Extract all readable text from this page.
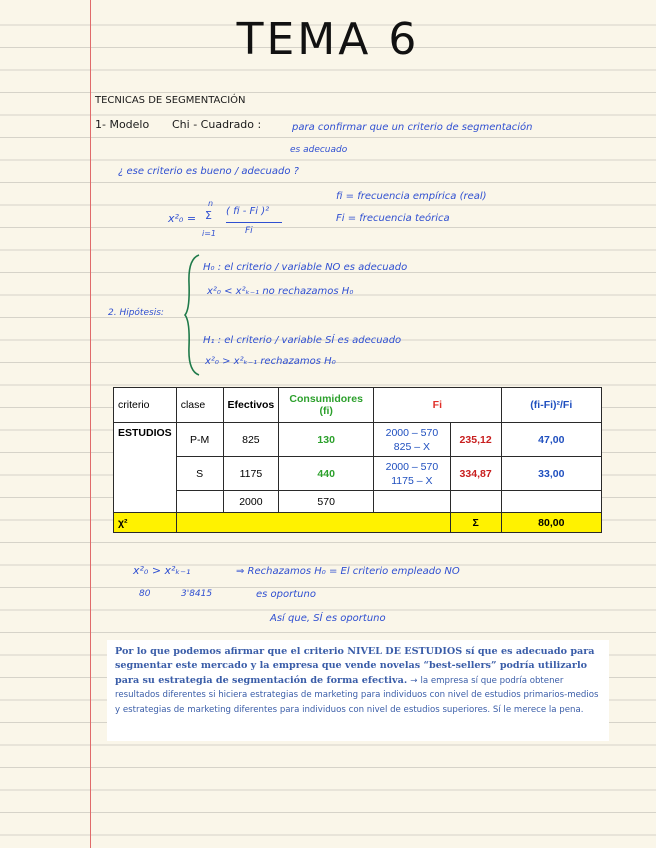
TEMA 6
TECNICAS DE SEGMENTACIÓN
1- Modelo Chi - Cuadrado :	para confirmar que un criterio de segmentación
es adecuado
¿ ese criterio es bueno / adecuado ?
fi = frecuencia empírica (real)
Fi = frecuencia teórica
x²₀ =
n
Σ
i=1
( fi - Fi )²
Fi
2. Hipótesis:
H₀ : el criterio / variable NO es adecuado
x²₀ < x²ₖ₋₁ no rechazamos H₀
H₁ : el criterio / variable SÍ es adecuado
x²₀ > x²ₖ₋₁ rechazamos H₀
criterio	clase	Efectivos	Consumidores (fi)	Fi		(fi-Fi)²/Fi
ESTUDIOS	P-M	825	130	2000 – 570
825 – X	235,12	47,00
	S	1175	440	2000 – 570
1175 – X	334,87	33,00
		2000	570			
χ²					Σ	80,00
x²₀ > x²ₖ₋₁	⇒ Rechazamos H₀ = El criterio empleado NO
80	3'8415	es oportuno
Así que, SÍ es oportuno

Por lo que podemos afirmar que el criterio NIVEL DE ESTUDIOS sí que es adecuado para segmentar este mercado y la empresa que vende novelas “best-sellers” podría utilizarlo para su estrategia de segmentación de forma efectiva. → la empresa sí que podría obtener resultados diferentes si hiciera estrategias de marketing para individuos con nivel de estudios primarios-medios y estrategias de marketing diferentes para individuos con nivel de estudios superiores. Sí le merece la pena.
